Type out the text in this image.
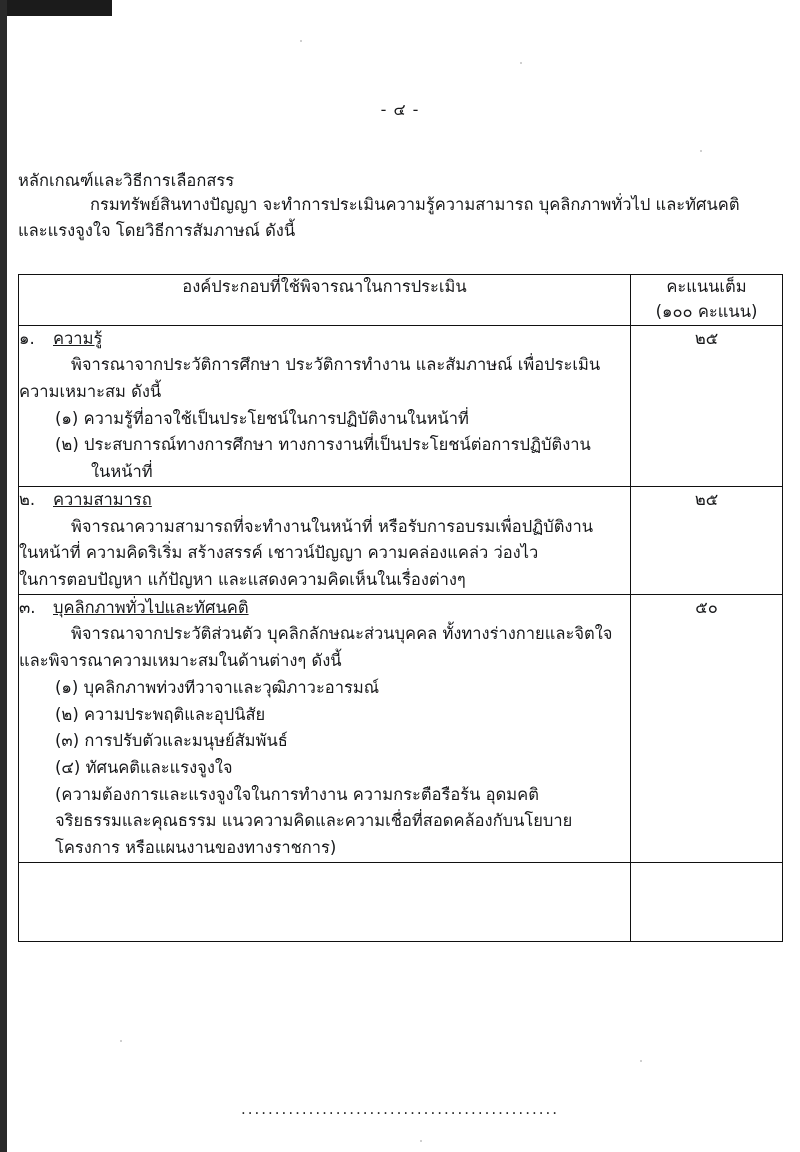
- ๔ -
หลักเกณฑ์และวิธีการเลือกสรร
กรมทรัพย์สินทางปัญญา จะทำการประเมินความรู้ความสามารถ บุคลิกภาพทั่วไป และทัศนคติ
และแรงจูงใจ โดยวิธีการสัมภาษณ์ ดังนี้
องค์ประกอบที่ใช้พิจารณาในการประเมิน	คะแนนเต็ม
(๑๐๐ คะแนน)

๑. ความรู้
พิจารณาจากประวัติการศึกษา ประวัติการทำงาน และสัมภาษณ์ เพื่อประเมิน
ความเหมาะสม ดังนี้
(๑) ความรู้ที่อาจใช้เป็นประโยชน์ในการปฏิบัติงานในหน้าที่
(๒) ประสบการณ์ทางการศึกษา ทางการงานที่เป็นประโยชน์ต่อการปฏิบัติงาน
ในหน้าที่
	๒๕

๒. ความสามารถ
พิจารณาความสามารถที่จะทำงานในหน้าที่ หรือรับการอบรมเพื่อปฏิบัติงาน
ในหน้าที่ ความคิดริเริ่ม สร้างสรรค์ เชาวน์ปัญญา ความคล่องแคล่ว ว่องไว
ในการตอบปัญหา แก้ปัญหา และแสดงความคิดเห็นในเรื่องต่างๆ	๒๕

๓. บุคลิกภาพทั่วไปและทัศนคติ
พิจารณาจากประวัติส่วนตัว บุคลิกลักษณะส่วนบุคคล ทั้งทางร่างกายและจิตใจ
และพิจารณาความเหมาะสมในด้านต่างๆ ดังนี้
(๑) บุคลิกภาพท่วงทีวาจาและวุฒิภาวะอารมณ์
(๒) ความประพฤติและอุปนิสัย
(๓) การปรับตัวและมนุษย์สัมพันธ์
(๔) ทัศนคติและแรงจูงใจ
(ความต้องการและแรงจูงใจในการทำงาน ความกระตือรือร้น อุดมคติ
จริยธรรมและคุณธรรม แนวความคิดและความเชื่อที่สอดคล้องกับนโยบาย
โครงการ หรือแผนงานของทางราชการ)
	๕๐

...............................................
